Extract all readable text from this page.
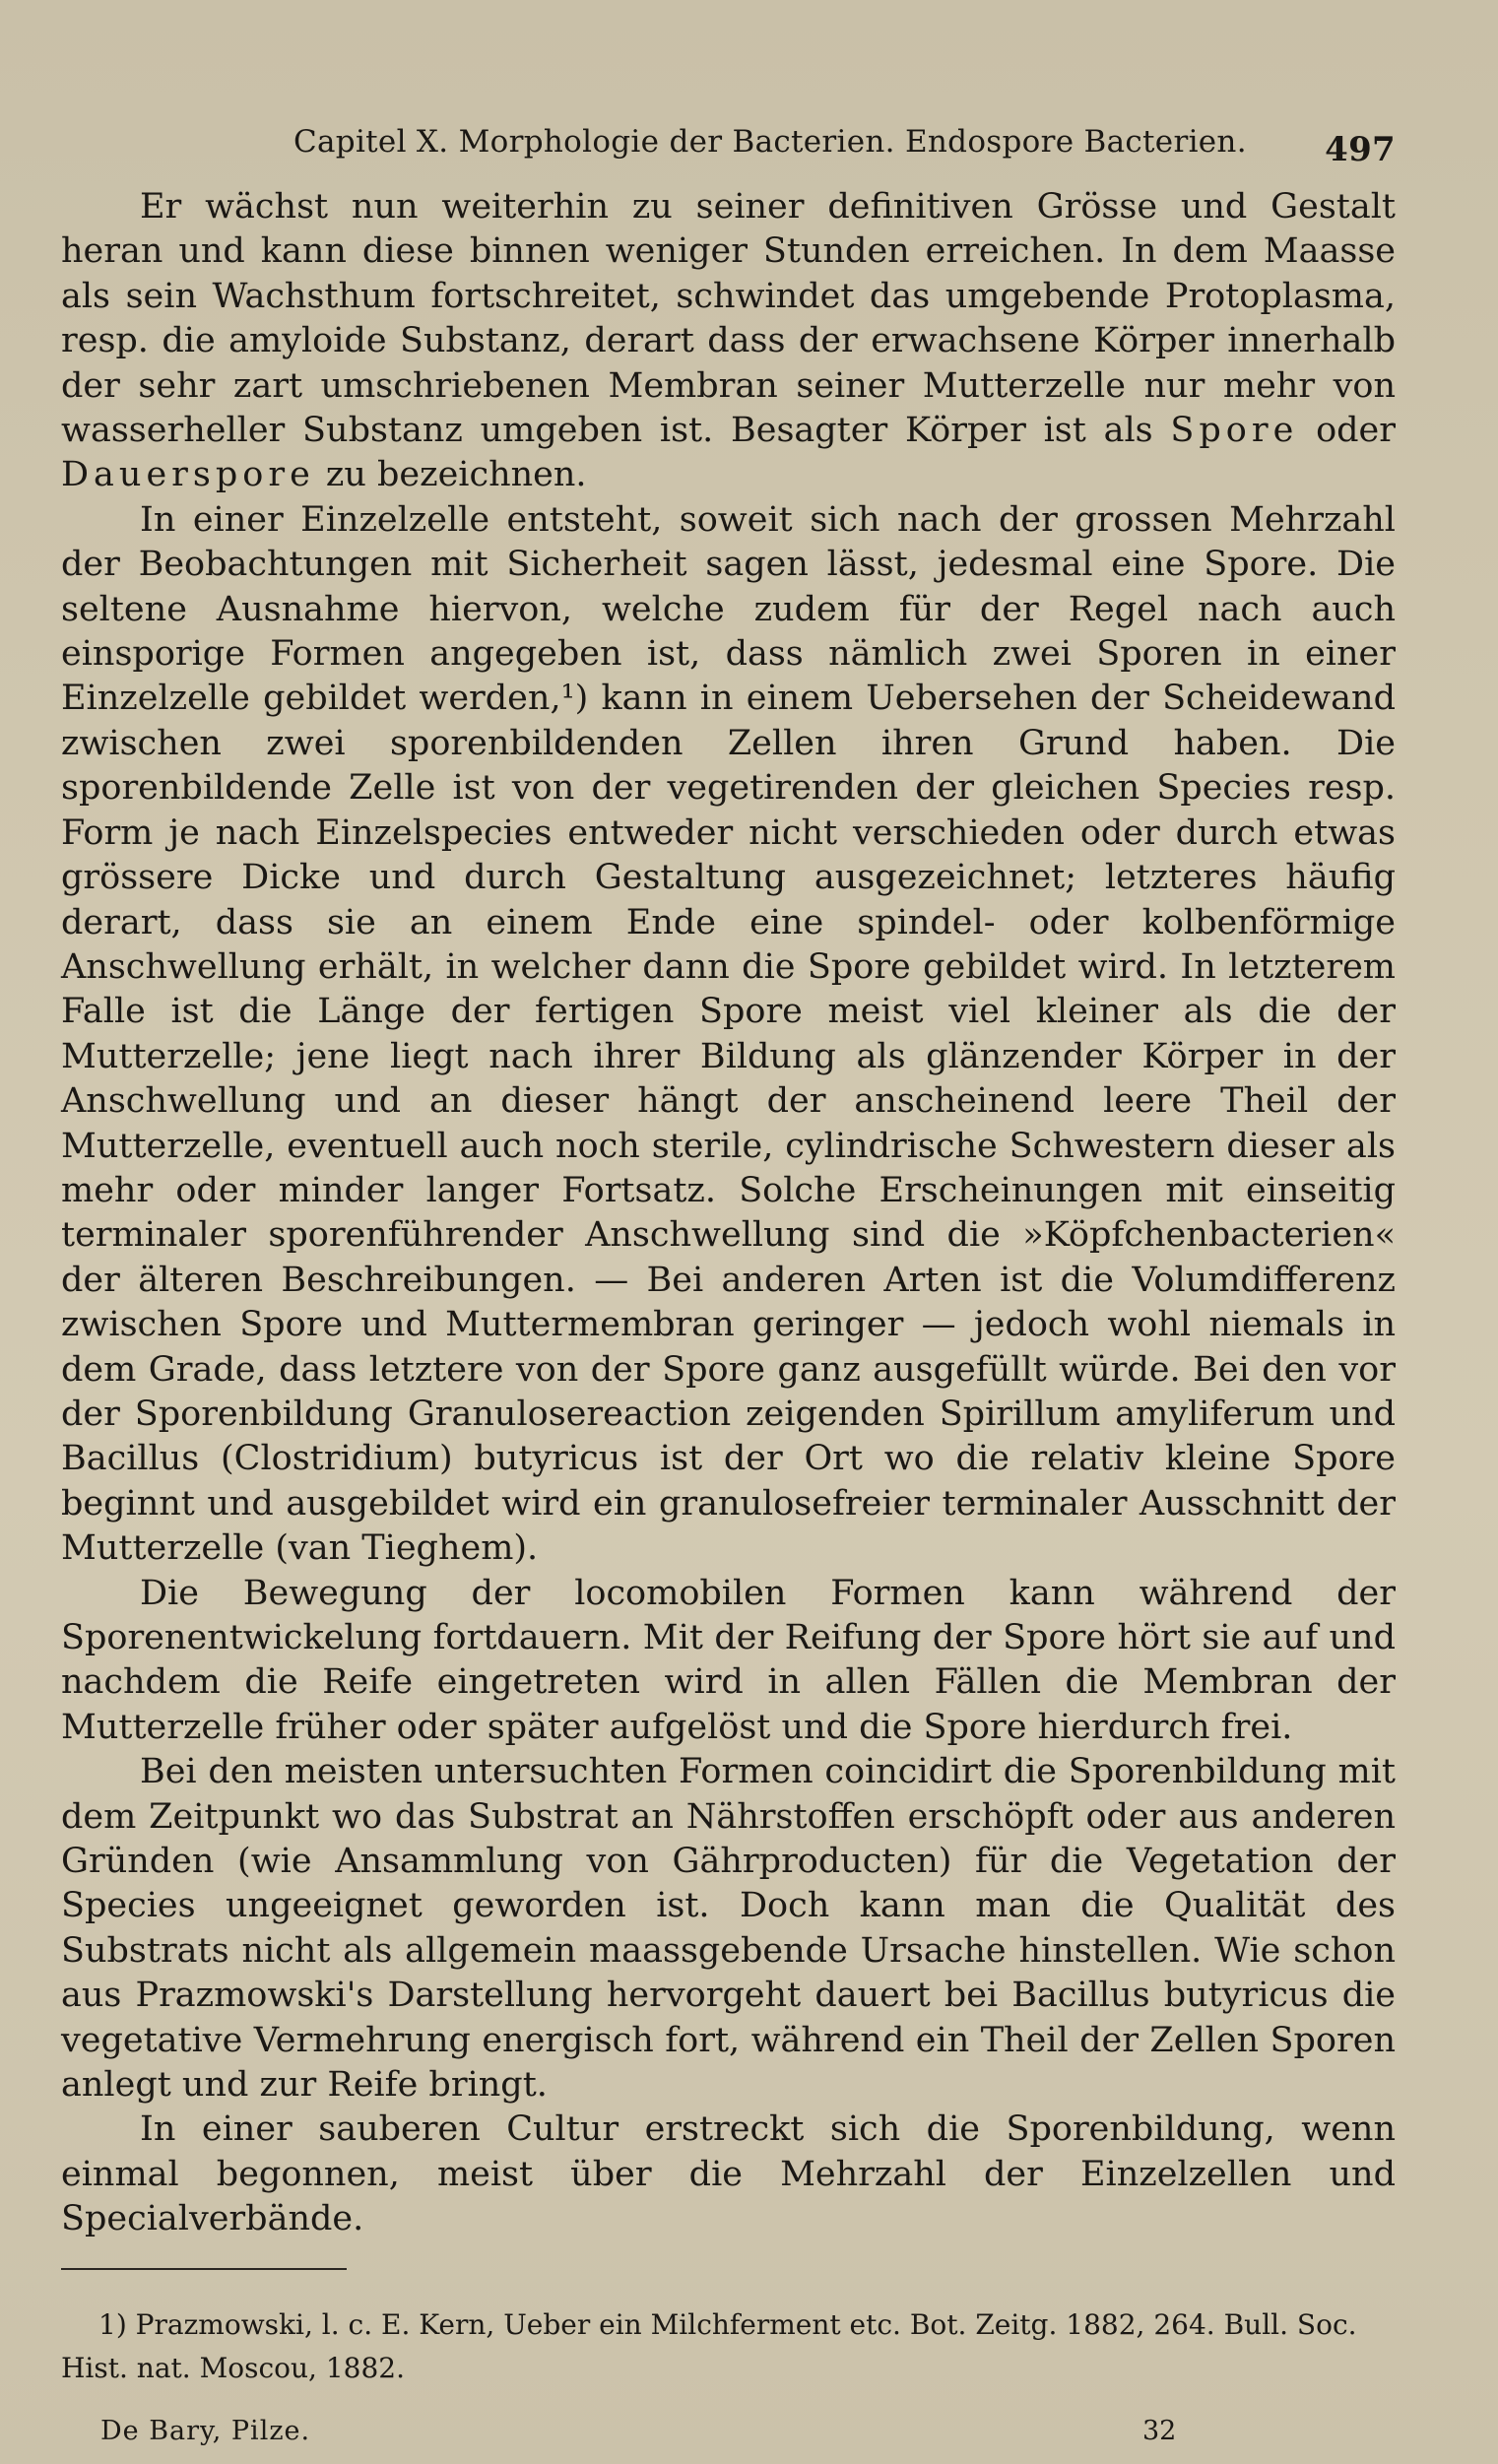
Capitel X. Morphologie der Bacterien. Endospore Bacterien. 497

Er wächst nun weiterhin zu seiner definitiven Grösse und Gestalt heran und kann diese binnen weniger Stunden erreichen. In dem Maasse als sein Wachsthum fortschreitet, schwindet das umgebende Protoplasma, resp. die amyloide Substanz, derart dass der erwachsene Körper innerhalb der sehr zart umschriebenen Membran seiner Mutterzelle nur mehr von wasserheller Substanz umgeben ist. Besagter Körper ist als Spore oder Dauerspore zu bezeichnen.

In einer Einzelzelle entsteht, soweit sich nach der grossen Mehrzahl der Beobachtungen mit Sicherheit sagen lässt, jedesmal eine Spore. Die seltene Ausnahme hiervon, welche zudem für der Regel nach auch einsporige Formen angegeben ist, dass nämlich zwei Sporen in einer Einzelzelle gebildet werden,¹) kann in einem Uebersehen der Scheidewand zwischen zwei sporenbildenden Zellen ihren Grund haben. Die sporenbildende Zelle ist von der vegetirenden der gleichen Species resp. Form je nach Einzelspecies entweder nicht verschieden oder durch etwas grössere Dicke und durch Gestaltung ausgezeichnet; letzteres häufig derart, dass sie an einem Ende eine spindel- oder kolbenförmige Anschwellung erhält, in welcher dann die Spore gebildet wird. In letzterem Falle ist die Länge der fertigen Spore meist viel kleiner als die der Mutterzelle; jene liegt nach ihrer Bildung als glänzender Körper in der Anschwellung und an dieser hängt der anscheinend leere Theil der Mutterzelle, eventuell auch noch sterile, cylindrische Schwestern dieser als mehr oder minder langer Fortsatz. Solche Erscheinungen mit einseitig terminaler sporenführender Anschwellung sind die »Köpfchenbacterien« der älteren Beschreibungen. — Bei anderen Arten ist die Volumdifferenz zwischen Spore und Muttermembran geringer — jedoch wohl niemals in dem Grade, dass letztere von der Spore ganz ausgefüllt würde. Bei den vor der Sporenbildung Granulosereaction zeigenden Spirillum amyliferum und Bacillus (Clostridium) butyricus ist der Ort wo die relativ kleine Spore beginnt und ausgebildet wird ein granulosefreier terminaler Ausschnitt der Mutterzelle (van Tieghem).

Die Bewegung der locomobilen Formen kann während der Sporenentwickelung fortdauern. Mit der Reifung der Spore hört sie auf und nachdem die Reife eingetreten wird in allen Fällen die Membran der Mutterzelle früher oder später aufgelöst und die Spore hierdurch frei.

Bei den meisten untersuchten Formen coincidirt die Sporenbildung mit dem Zeitpunkt wo das Substrat an Nährstoffen erschöpft oder aus anderen Gründen (wie Ansammlung von Gährproducten) für die Vegetation der Species ungeeignet geworden ist. Doch kann man die Qualität des Substrats nicht als allgemein maassgebende Ursache hinstellen. Wie schon aus Prazmowski's Darstellung hervorgeht dauert bei Bacillus butyricus die vegetative Vermehrung energisch fort, während ein Theil der Zellen Sporen anlegt und zur Reife bringt.

In einer sauberen Cultur erstreckt sich die Sporenbildung, wenn einmal begonnen, meist über die Mehrzahl der Einzelzellen und Specialverbände.

1) Prazmowski, l. c. E. Kern, Ueber ein Milchferment etc. Bot. Zeitg. 1882, 264. Bull. Soc. Hist. nat. Moscou, 1882.
De Bary, Pilze.	32
